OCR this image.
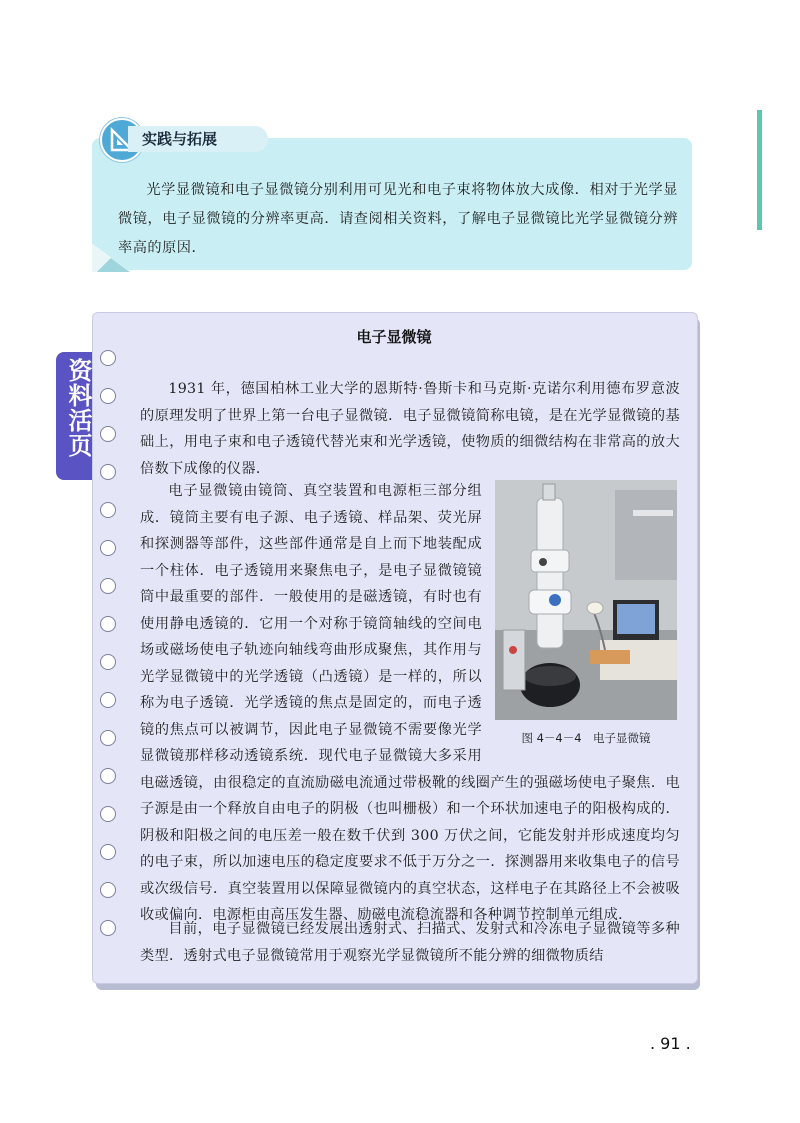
实践与拓展
光学显微镜和电子显微镜分别利用可见光和电子束将物体放大成像．相对于光学显微镜，电子显微镜的分辨率更高．请查阅相关资料，了解电子显微镜比光学显微镜分辨率高的原因．
资料活页
电子显微镜
1931 年，德国柏林工业大学的恩斯特·鲁斯卡和马克斯·克诺尔利用德布罗意波的原理发明了世界上第一台电子显微镜．电子显微镜简称电镜，是在光学显微镜的基础上，用电子束和电子透镜代替光束和光学透镜，使物质的细微结构在非常高的放大倍数下成像的仪器．
电子显微镜由镜筒、真空装置和电源柜三部分组成．镜筒主要有电子源、电子透镜、样品架、荧光屏和探测器等部件，这些部件通常是自上而下地装配成一个柱体．电子透镜用来聚焦电子，是电子显微镜镜筒中最重要的部件．一般使用的是磁透镜，有时也有使用静电透镜的．它用一个对称于镜筒轴线的空间电场或磁场使电子轨迹向轴线弯曲形成聚焦，其作用与光学显微镜中的光学透镜（凸透镜）是一样的，所以称为电子透镜．光学透镜的焦点是固定的，而电子透镜的焦点可以被调节，因此电子显微镜不需要像光学显微镜那样移动透镜系统．现代电子显微镜大多采用电磁透镜，由很稳定的直流励磁电流通过带极靴的线圈产生的强磁场使电子聚焦．电子源是由一个释放自由电子的阴极（也叫栅极）和一个环状加速电子的阳极构成的．阴极和阳极之间的电压差一般在数千伏到 300 万伏之间，它能发射并形成速度均匀的电子束，所以加速电压的稳定度要求不低于万分之一．探测器用来收集电子的信号或次级信号．真空装置用以保障显微镜内的真空状态，这样电子在其路径上不会被吸收或偏向．电源柜由高压发生器、励磁电流稳流器和各种调节控制单元组成．
目前，电子显微镜已经发展出透射式、扫描式、发射式和冷冻电子显微镜等多种类型．透射式电子显微镜常用于观察光学显微镜所不能分辨的细微物质结
图 4－4－4　电子显微镜
. 91 .
